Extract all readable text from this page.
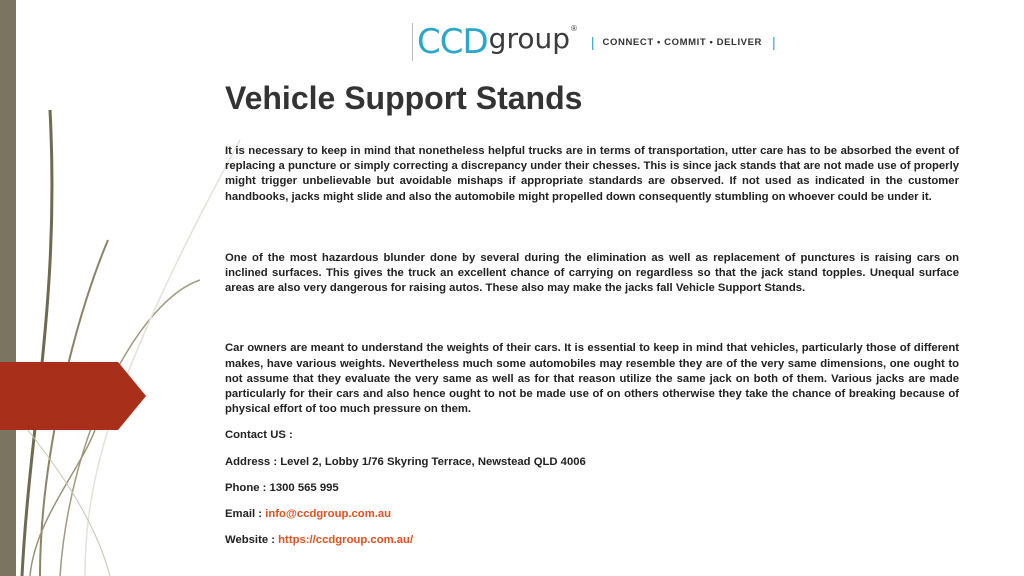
CCD group ®
| CONNECT • COMMIT • DELIVER |
Vehicle Support Stands

It is necessary to keep in mind that nonetheless helpful trucks are in terms of transportation, utter care has to be absorbed the event of replacing a puncture or simply correcting a discrepancy under their chesses. This is since jack stands that are not made use of properly might trigger unbelievable but avoidable mishaps if appropriate standards are observed. If not used as indicated in the customer handbooks, jacks might slide and also the automobile might propelled down consequently stumbling on whoever could be under it.

One of the most hazardous blunder done by several during the elimination as well as replacement of punctures is raising cars on inclined surfaces. This gives the truck an excellent chance of carrying on regardless so that the jack stand topples. Unequal surface areas are also very dangerous for raising autos. These also may make the jacks fall Vehicle Support Stands.

Car owners are meant to understand the weights of their cars. It is essential to keep in mind that vehicles, particularly those of different makes, have various weights. Nevertheless much some automobiles may resemble they are of the very same dimensions, one ought to not assume that they evaluate the very same as well as for that reason utilize the same jack on both of them. Various jacks are made particularly for their cars and also hence ought to not be made use of on others otherwise they take the chance of breaking because of physical effort of too much pressure on them.

Contact US :

Address : Level 2, Lobby 1/76 Skyring Terrace, Newstead QLD 4006

Phone : 1300 565 995

Email : info@ccdgroup.com.au

Website : https://ccdgroup.com.au/
